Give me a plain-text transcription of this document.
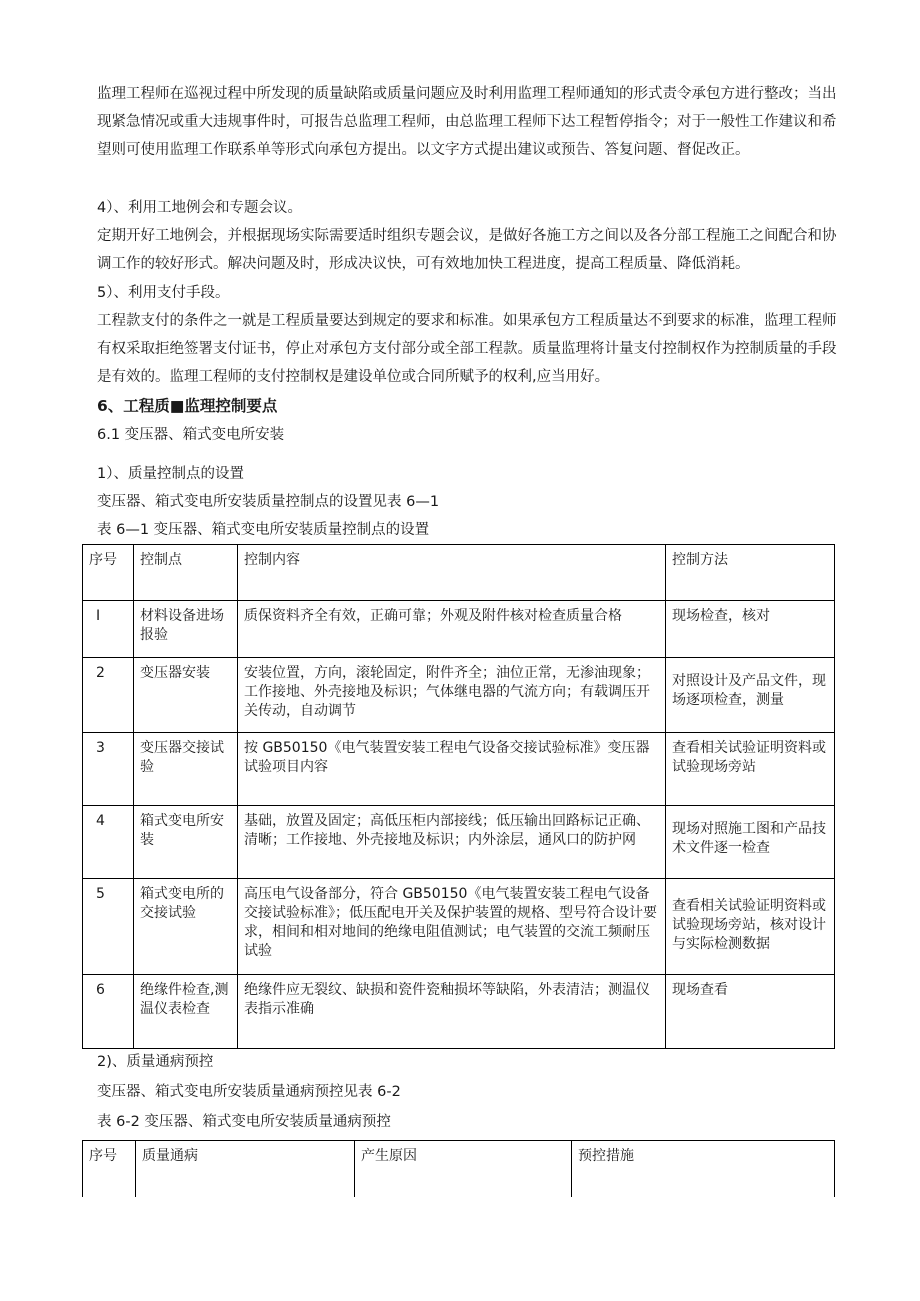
监理工程师在巡视过程中所发现的质量缺陷或质量问题应及时利用监理工程师通知的形式责令承包方进行整改；当出现紧急情况或重大违规事件时，可报告总监理工程师，由总监理工程师下达工程暂停指令；对于一般性工作建议和希望则可使用监理工作联系单等形式向承包方提出。以文字方式提出建议或预告、答复问题、督促改正。

4）、利用工地例会和专题会议。

定期开好工地例会，并根据现场实际需要适时组织专题会议，是做好各施工方之间以及各分部工程施工之间配合和协调工作的较好形式。解决问题及时，形成决议快，可有效地加快工程进度，提高工程质量、降低消耗。

5）、利用支付手段。

工程款支付的条件之一就是工程质量要达到规定的要求和标准。如果承包方工程质量达不到要求的标准，监理工程师有权采取拒绝签署支付证书，停止对承包方支付部分或全部工程款。质量监理将计量支付控制权作为控制质量的手段是有效的。监理工程师的支付控制权是建设单位或合同所赋予的权利,应当用好。

6、工程质■监理控制要点

6.1 变压器、箱式变电所安装

1）、质量控制点的设置

变压器、箱式变电所安装质量控制点的设置见表 6—1

表 6—1 变压器、箱式变电所安装质量控制点的设置

序号	控制点	控制内容	控制方法
I	材料设备进场报验	质保资料齐全有效，正确可靠；外观及附件核对检查质量合格	现场检查，核对
2	变压器安装	安装位置，方向，滚轮固定，附件齐全；油位正常，无渗油现象；工作接地、外壳接地及标识；气体继电器的气流方向；有载调压开关传动，自动调节	对照设计及产品文件，现场逐项检查，测量
3	变压器交接试验	按 GB50150《电气装置安装工程电气设备交接试验标准》变压器试验项目内容	查看相关试验证明资料或试验现场旁站
4	箱式变电所安装	基础，放置及固定；高低压柜内部接线；低压输出回路标记正确、清晰；工作接地、外壳接地及标识；内外涂层，通风口的防护网	现场对照施工图和产品技术文件逐一检查
5	箱式变电所的交接试验	高压电气设备部分，符合 GB50150《电气装置安装工程电气设备交接试验标准》；低压配电开关及保护装置的规格、型号符合设计要求，相间和相对地间的绝缘电阻值测试；电气装置的交流工频耐压试验	查看相关试验证明资料或试验现场旁站，核对设计与实际检测数据
6	绝缘件检查,测温仪表检查	绝缘件应无裂纹、缺损和瓷件瓷釉损坏等缺陷，外表清洁；测温仪表指示准确	现场查看

2)、质量通病预控

变压器、箱式变电所安装质量通病预控见表 6-2

表 6-2 变压器、箱式变电所安装质量通病预控

序号	质量通病	产生原因	预控措施
